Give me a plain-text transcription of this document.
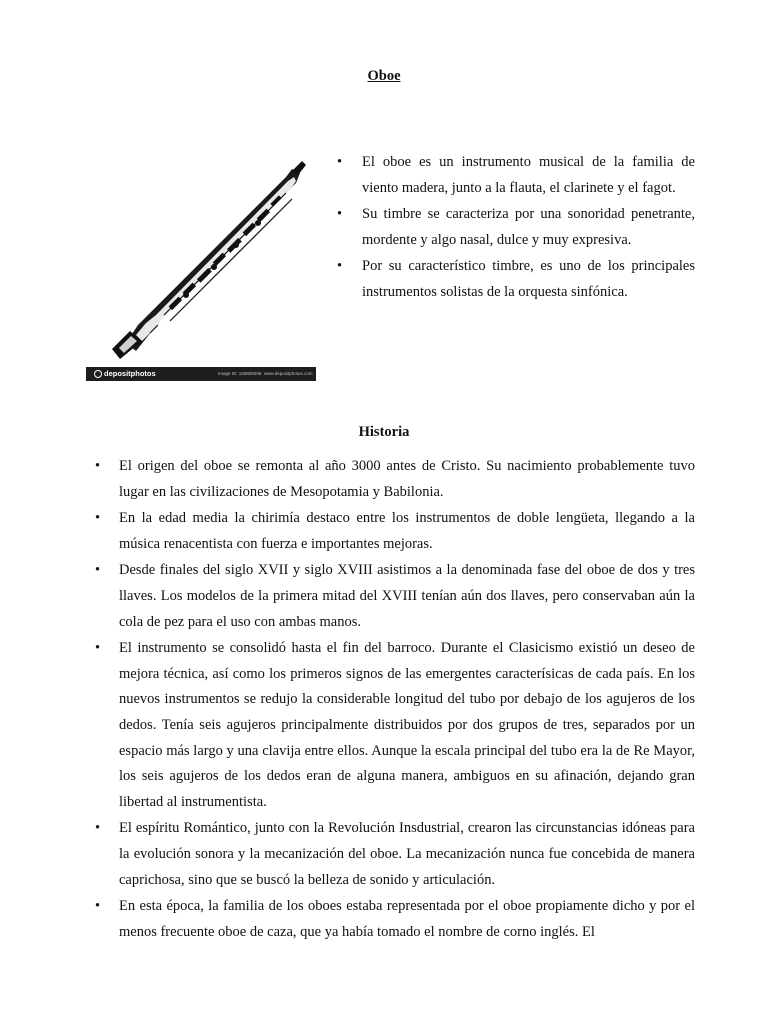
Oboe
depositphotos	Image ID: 168809098 www.depositphotos.com
• El oboe es un instrumento musical de la familia de viento madera, junto a la flauta, el clarinete y el fagot.
• Su timbre se caracteriza por una sonoridad penetrante, mordente y algo nasal, dulce y muy expresiva.
• Por su característico timbre, es uno de los principales instrumentos solistas de la orquesta sinfónica.
Historia
• El origen del oboe se remonta al año 3000 antes de Cristo. Su nacimiento probablemente tuvo lugar en las civilizaciones de Mesopotamia y Babilonia.
• En la edad media la chirimía destaco entre los instrumentos de doble lengüeta, llegando a la música renacentista con fuerza e importantes mejoras.
• Desde finales del siglo XVII y siglo XVIII asistimos a la denominada fase del oboe de dos y tres llaves. Los modelos de la primera mitad del XVIII tenían aún dos llaves, pero conservaban aún la cola de pez para el uso con ambas manos.
• El instrumento se consolidó hasta el fin del barroco. Durante el Clasicismo existió un deseo de mejora técnica, así como los primeros signos de las emergentes caracterísicas de cada país. En los nuevos instrumentos se redujo la considerable longitud del tubo por debajo de los agujeros de los dedos. Tenía seis agujeros principalmente distribuidos por dos grupos de tres, separados por un espacio más largo y una clavija entre ellos. Aunque la escala principal del tubo era la de Re Mayor, los seis agujeros de los dedos eran de alguna manera, ambiguos en su afinación, dejando gran libertad al instrumentista.
• El espíritu Romántico, junto con la Revolución Insdustrial, crearon las circunstancias idóneas para la evolución sonora y la mecanización del oboe. La mecanización nunca fue concebida de manera caprichosa, sino que se buscó la belleza de sonido y articulación.
• En esta época, la familia de los oboes estaba representada por el oboe propiamente dicho y por el menos frecuente oboe de caza, que ya había tomado el nombre de corno inglés. El
